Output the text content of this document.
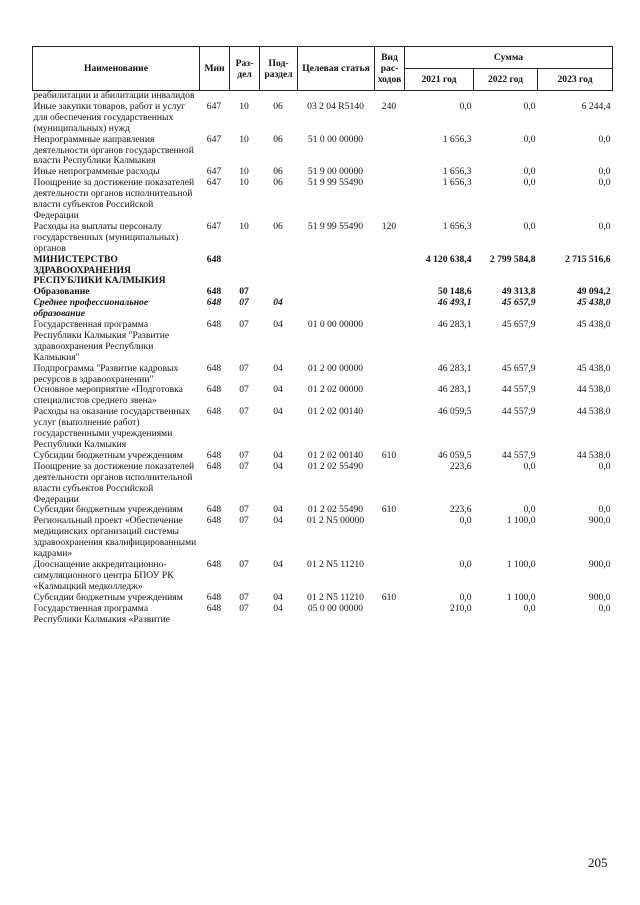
Наименование	Мин	Раз-дел	Под-раздел	Целевая статья	Вид рас-ходов	Сумма		
						2021 год	2022 год	2023 год
реабилитации и абилитации инвалидов								
Иные закупки товаров, работ и услуг для обеспечения государственных (муниципальных) нужд	647	10	06	03 2 04 R5140	240	0,0	0,0	6 244,4
Непрограммные направления деятельности органов государственной власти Республики Калмыкия	647	10	06	51 0 00 00000		1 656,3	0,0	0,0
Иные непрограммные расходы	647	10	06	51 9 00 00000		1 656,3	0,0	0,0
Поощрение за достижение показателей деятельности органов исполнительной власти субъектов Российской Федерации	647	10	06	51 9 99 55490		1 656,3	0,0	0,0
Расходы на выплаты персоналу государственных (муниципальных) органов	647	10	06	51 9 99 55490	120	1 656,3	0,0	0,0
МИНИСТЕРСТВО ЗДРАВООХРАНЕНИЯ РЕСПУБЛИКИ КАЛМЫКИЯ	648					4 120 638,4	2 799 584,8	2 715 516,6
Образование	648	07				50 148,6	49 313,8	49 094,2
Среднее профессиональное образование	648	07	04			46 493,1	45 657,9	45 438,0
Государственная программа Республики Калмыкия "Развитие здравоохранения Республики Калмыкия"	648	07	04	01 0 00 00000		46 283,1	45 657,9	45 438,0
Подпрограмма "Развитие кадровых ресурсов в здравоохранении"	648	07	04	01 2 00 00000		46 283,1	45 657,9	45 438,0
Основное мероприятие «Подготовка специалистов среднего звена»	648	07	04	01 2 02 00000		46 283,1	44 557,9	44 538,0
Расходы на оказание государственных услуг (выполнение работ) государственными учреждениями Республики Калмыкия	648	07	04	01 2 02 00140		46 059,5	44 557,9	44 538,0
Субсидии бюджетным учреждениям	648	07	04	01 2 02 00140	610	46 059,5	44 557,9	44 538,0
Поощрение за достижение показателей деятельности органов исполнительной власти субъектов Российской Федерации	648	07	04	01 2 02 55490		223,6	0,0	0,0
Субсидии бюджетным учреждениям	648	07	04	01 2 02 55490	610	223,6	0,0	0,0
Региональный проект «Обеспечение медицинских организаций системы здравоохранения квалифицированными кадрами»	648	07	04	01 2 N5 00000		0,0	1 100,0	900,0
Дооснащение аккредитационно-симуляционного центра БПОУ РК «Калмыцкий медколледж»	648	07	04	01 2 N5 11210		0,0	1 100,0	900,0
Субсидии бюджетным учреждениям	648	07	04	01 2 N5 11210	610	0,0	1 100,0	900,0
Государственная программа Республики Калмыкия «Развитие	648	07	04	05 0 00 00000		210,0	0,0	0,0
205
